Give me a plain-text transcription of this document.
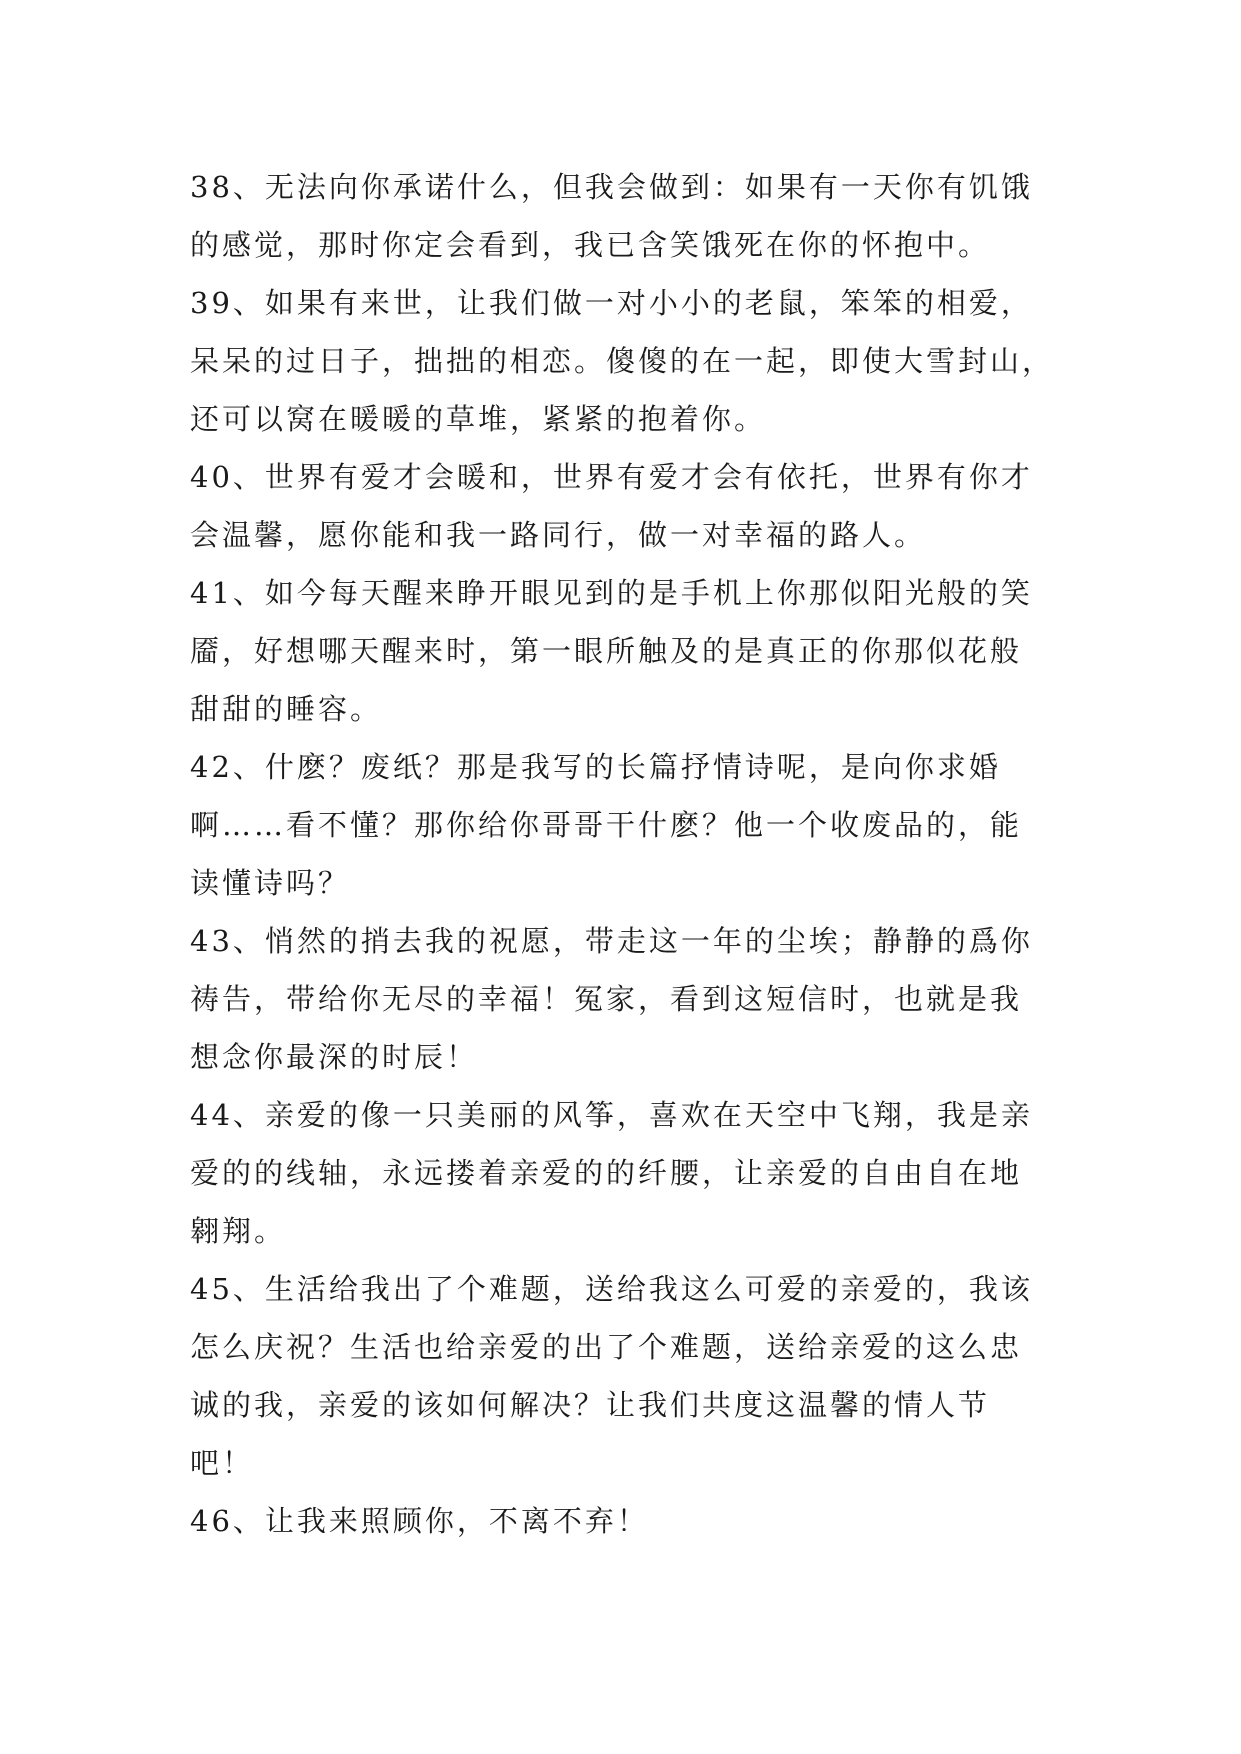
38、无法向你承诺什么，但我会做到：如果有一天你有饥饿
的感觉，那时你定会看到，我已含笑饿死在你的怀抱中。

39、如果有来世，让我们做一对小小的老鼠，笨笨的相爱，
呆呆的过日子，拙拙的相恋。傻傻的在一起，即使大雪封山，
还可以窝在暖暖的草堆，紧紧的抱着你。

40、世界有爱才会暖和，世界有爱才会有依托，世界有你才
会温馨，愿你能和我一路同行，做一对幸福的路人。

41、如今每天醒来睁开眼见到的是手机上你那似阳光般的笑
靥，好想哪天醒来时，第一眼所触及的是真正的你那似花般
甜甜的睡容。

42、什麽？废纸？那是我写的长篇抒情诗呢，是向你求婚
啊……看不懂？那你给你哥哥干什麽？他一个收废品的，能
读懂诗吗？

43、悄然的捎去我的祝愿，带走这一年的尘埃；静静的爲你
祷告，带给你无尽的幸福！冤家，看到这短信时，也就是我
想念你最深的时辰！

44、亲爱的像一只美丽的风筝，喜欢在天空中飞翔，我是亲
爱的的线轴，永远搂着亲爱的的纤腰，让亲爱的自由自在地
翱翔。

45、生活给我出了个难题，送给我这么可爱的亲爱的，我该
怎么庆祝？生活也给亲爱的出了个难题，送给亲爱的这么忠
诚的我，亲爱的该如何解决？让我们共度这温馨的情人节
吧！

46、让我来照顾你，不离不弃！
